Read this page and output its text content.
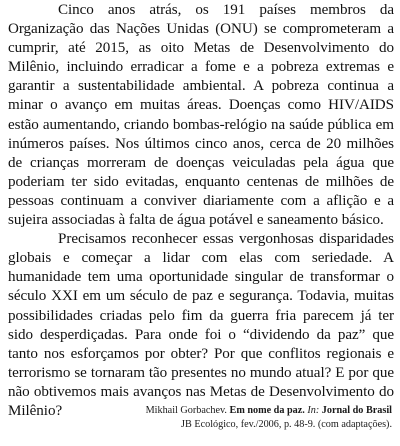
Cinco anos atrás, os 191 países membros da Organização das Nações Unidas (ONU) se comprometeram a cumprir, até 2015, as oito Metas de Desenvolvimento do Milênio, incluindo erradicar a fome e a pobreza extremas e garantir a sustentabilidade ambiental. A pobreza continua a minar o avanço em muitas áreas. Doenças como HIV/AIDS estão aumentando, criando bombas-relógio na saúde pública em inúmeros países. Nos últimos cinco anos, cerca de 20 milhões de crianças morreram de doenças veiculadas pela água que poderiam ter sido evitadas, enquanto centenas de milhões de pessoas continuam a conviver diariamente com a aflição e a sujeira associadas à falta de água potável e saneamento básico.

Precisamos reconhecer essas vergonhosas disparidades globais e começar a lidar com elas com seriedade. A humanidade tem uma oportunidade singular de transformar o século XXI em um século de paz e segurança. Todavia, muitas possibilidades criadas pelo fim da guerra fria parecem já ter sido desperdiçadas. Para onde foi o “dividendo da paz” que tanto nos esforçamos por obter? Por que conflitos regionais e terrorismo se tornaram tão presentes no mundo atual? E por que não obtivemos mais avanços nas Metas de Desenvolvimento do Milênio?	Mikhail Gorbachev. Em nome da paz. In: Jornal do Brasil
JB Ecológico, fev./2006, p. 48-9. (com adaptações).
